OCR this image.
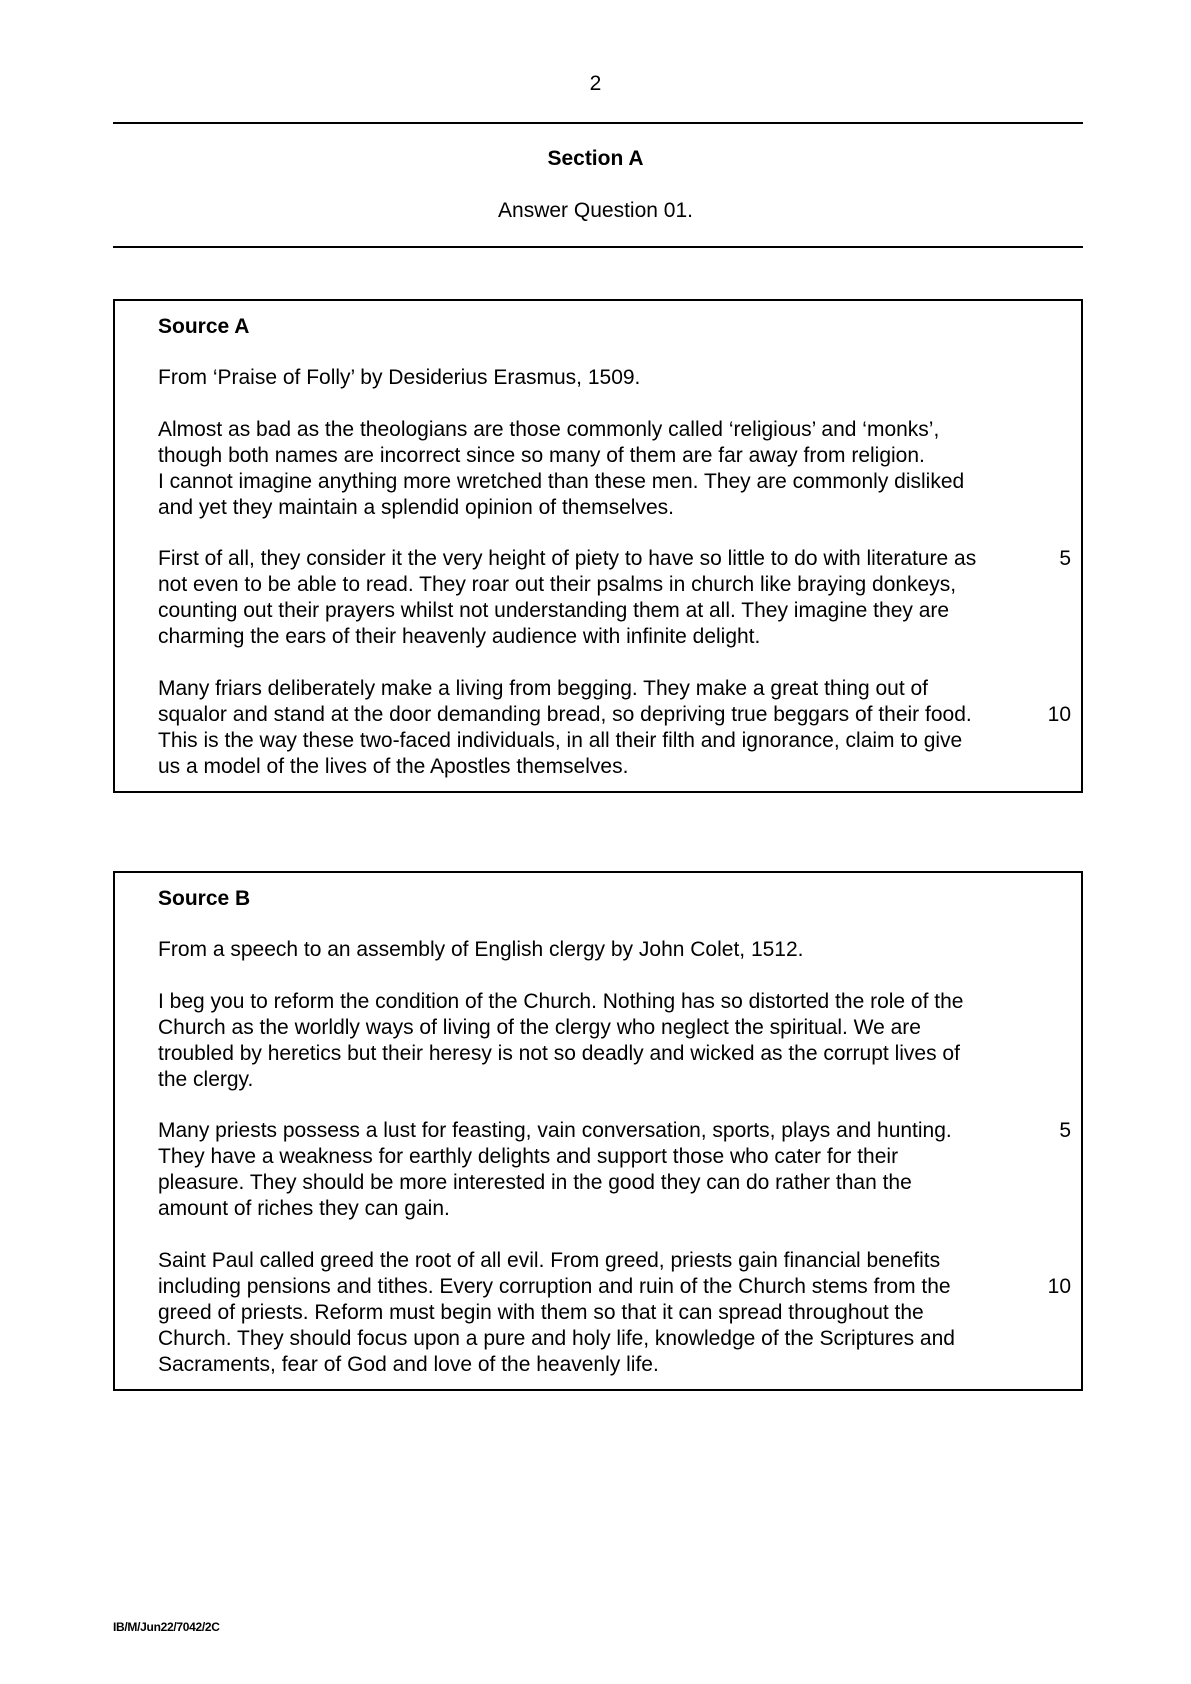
2
Section A
Answer Question 01.
Source A
From ‘Praise of Folly’ by Desiderius Erasmus, 1509.
Almost as bad as the theologians are those commonly called ‘religious’ and ‘monks’,
though both names are incorrect since so many of them are far away from religion.
I cannot imagine anything more wretched than these men. They are commonly disliked
and yet they maintain a splendid opinion of themselves.
First of all, they consider it the very height of piety to have so little to do with literature as
not even to be able to read. They roar out their psalms in church like braying donkeys,
counting out their prayers whilst not understanding them at all. They imagine they are
charming the ears of their heavenly audience with infinite delight.
Many friars deliberately make a living from begging. They make a great thing out of
squalor and stand at the door demanding bread, so depriving true beggars of their food.
This is the way these two-faced individuals, in all their filth and ignorance, claim to give
us a model of the lives of the Apostles themselves.
5
10
Source B
From a speech to an assembly of English clergy by John Colet, 1512.
I beg you to reform the condition of the Church. Nothing has so distorted the role of the
Church as the worldly ways of living of the clergy who neglect the spiritual. We are
troubled by heretics but their heresy is not so deadly and wicked as the corrupt lives of
the clergy.
Many priests possess a lust for feasting, vain conversation, sports, plays and hunting.
They have a weakness for earthly delights and support those who cater for their
pleasure. They should be more interested in the good they can do rather than the
amount of riches they can gain.
Saint Paul called greed the root of all evil. From greed, priests gain financial benefits
including pensions and tithes. Every corruption and ruin of the Church stems from the
greed of priests. Reform must begin with them so that it can spread throughout the
Church. They should focus upon a pure and holy life, knowledge of the Scriptures and
Sacraments, fear of God and love of the heavenly life.
5
10
IB/M/Jun22/7042/2C
